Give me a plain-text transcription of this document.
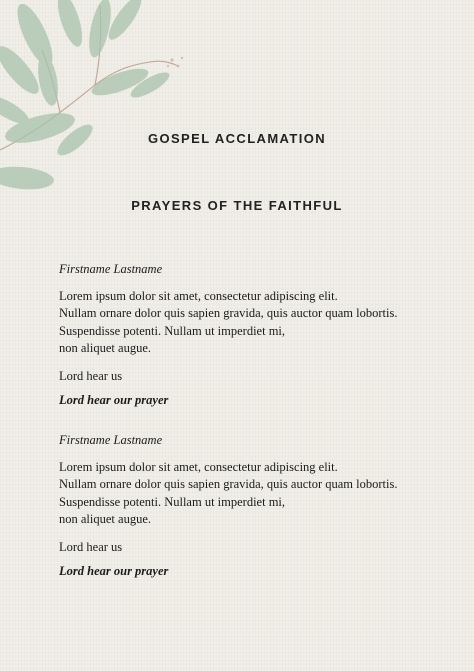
GOSPEL ACCLAMATION
PRAYERS OF THE FAITHFUL

Firstname Lastname

Lorem ipsum dolor sit amet, consectetur adipiscing elit.
Nullam ornare dolor quis sapien gravida, quis auctor quam lobortis.
Suspendisse potenti. Nullam ut imperdiet mi,
non aliquet augue.

Lord hear us

Lord hear our prayer

Firstname Lastname

Lorem ipsum dolor sit amet, consectetur adipiscing elit.
Nullam ornare dolor quis sapien gravida, quis auctor quam lobortis.
Suspendisse potenti. Nullam ut imperdiet mi,
non aliquet augue.

Lord hear us

Lord hear our prayer
